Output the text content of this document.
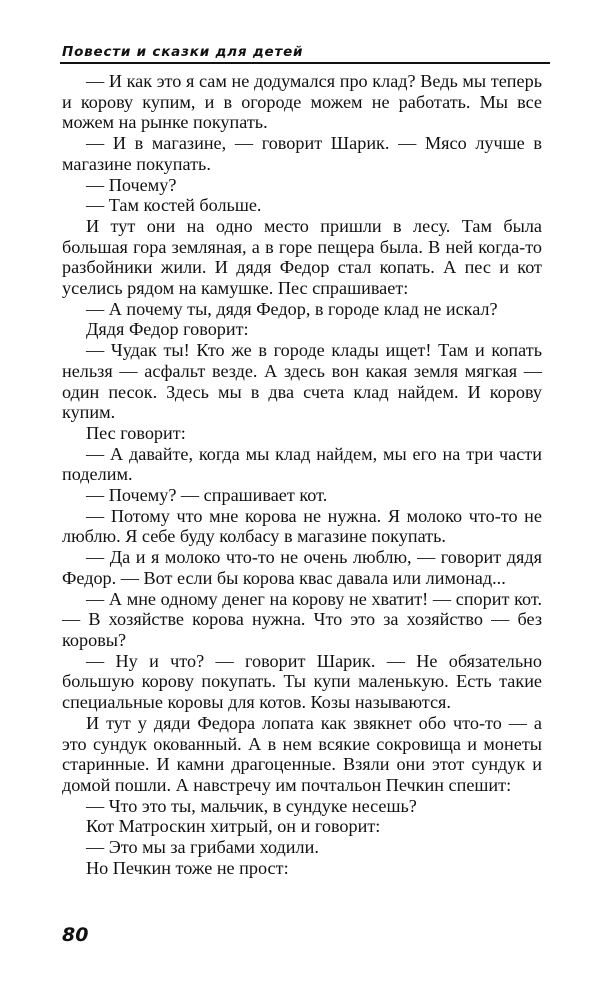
Повести и сказки для детей

— И как это я сам не додумался про клад? Ведь мы теперь и корову купим, и в огороде можем не работать. Мы все можем на рынке покупать.

— И в магазине, — говорит Шарик. — Мясо лучше в магазине покупать.

— Почему?

— Там костей больше.

И тут они на одно место пришли в лесу. Там была большая гора земляная, а в горе пещера была. В ней когда-то разбойники жили. И дядя Федор стал копать. А пес и кот уселись рядом на камушке. Пес спрашивает:

— А почему ты, дядя Федор, в городе клад не искал?

Дядя Федор говорит:

— Чудак ты! Кто же в городе клады ищет! Там и копать нельзя — асфальт везде. А здесь вон какая земля мягкая — один песок. Здесь мы в два счета клад найдем. И корову купим.

Пес говорит:

— А давайте, когда мы клад найдем, мы его на три части поделим.

— Почему? — спрашивает кот.

— Потому что мне корова не нужна. Я молоко что-то не люблю. Я себе буду колбасу в магазине покупать.

— Да и я молоко что-то не очень люблю, — говорит дядя Федор. — Вот если бы корова квас давала или лимонад...

— А мне одному денег на корову не хватит! — спорит кот. — В хозяйстве корова нужна. Что это за хозяйство — без коровы?

— Ну и что? — говорит Шарик. — Не обязательно большую корову покупать. Ты купи маленькую. Есть такие специальные коровы для котов. Козы называются.

И тут у дяди Федора лопата как звякнет обо что-то — а это сундук окованный. А в нем всякие сокровища и монеты старинные. И камни драгоценные. Взяли они этот сундук и домой пошли. А навстречу им почтальон Печкин спешит:

— Что это ты, мальчик, в сундуке несешь?

Кот Матроскин хитрый, он и говорит:

— Это мы за грибами ходили.

Но Печкин тоже не прост:

80
